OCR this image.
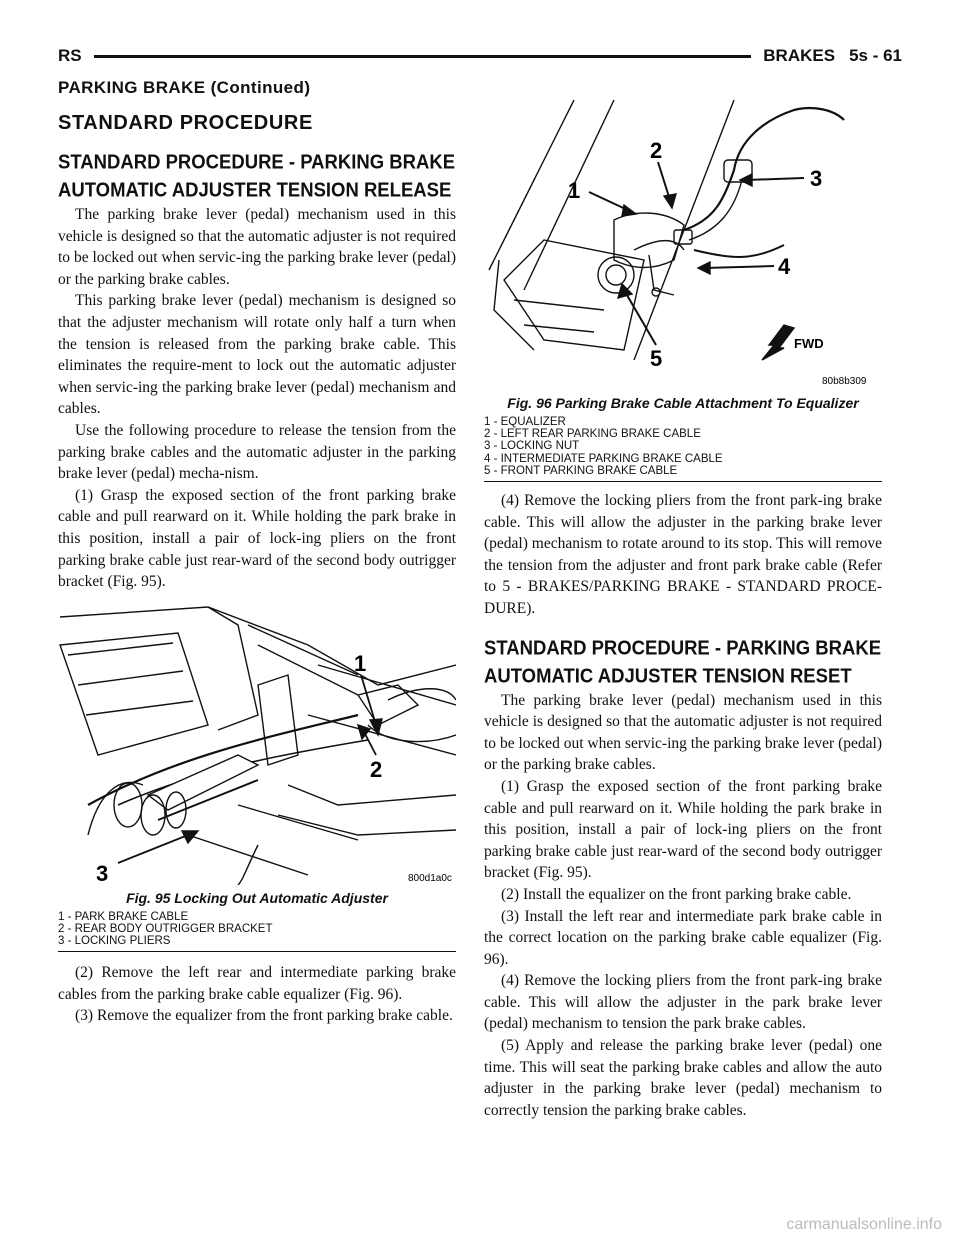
RS	BRAKES 5s - 61
PARKING BRAKE (Continued)
STANDARD PROCEDURE
STANDARD PROCEDURE - PARKING BRAKE AUTOMATIC ADJUSTER TENSION RELEASE

The parking brake lever (pedal) mechanism used in this vehicle is designed so that the automatic adjuster is not required to be locked out when servic-ing the parking brake lever (pedal) or the parking brake cables.

This parking brake lever (pedal) mechanism is designed so that the adjuster mechanism will rotate only half a turn when the tension is released from the parking brake cable. This eliminates the require-ment to lock out the automatic adjuster when servic-ing the parking brake lever (pedal) mechanism and cables.

Use the following procedure to release the tension from the parking brake cables and the automatic adjuster in the parking brake lever (pedal) mecha-nism.

(1) Grasp the exposed section of the front parking brake cable and pull rearward on it. While holding the park brake in this position, install a pair of lock-ing pliers on the front parking brake cable just rear-ward of the second body outrigger bracket (Fig. 95).

1
2
3	800d1a0c
Fig. 95 Locking Out Automatic Adjuster
1 - PARK BRAKE CABLE
2 - REAR BODY OUTRIGGER BRACKET
3 - LOCKING PLIERS

(2) Remove the left rear and intermediate parking brake cables from the parking brake cable equalizer (Fig. 96).

(3) Remove the equalizer from the front parking brake cable.

1
2
3
4
5
FWD
80b8b309
Fig. 96 Parking Brake Cable Attachment To Equalizer
1 - EQUALIZER
2 - LEFT REAR PARKING BRAKE CABLE
3 - LOCKING NUT
4 - INTERMEDIATE PARKING BRAKE CABLE
5 - FRONT PARKING BRAKE CABLE

(4) Remove the locking pliers from the front park-ing brake cable. This will allow the adjuster in the parking brake lever (pedal) mechanism to rotate around to its stop. This will remove the tension from the adjuster and front park brake cable (Refer to 5 - BRAKES/PARKING BRAKE - STANDARD PROCE-DURE).

STANDARD PROCEDURE - PARKING BRAKE AUTOMATIC ADJUSTER TENSION RESET

The parking brake lever (pedal) mechanism used in this vehicle is designed so that the automatic adjuster is not required to be locked out when servic-ing the parking brake lever (pedal) or the parking brake cables.

(1) Grasp the exposed section of the front parking brake cable and pull rearward on it. While holding the park brake in this position, install a pair of lock-ing pliers on the front parking brake cable just rear-ward of the second body outrigger bracket (Fig. 95).

(2) Install the equalizer on the front parking brake cable.

(3) Install the left rear and intermediate park brake cable in the correct location on the parking brake cable equalizer (Fig. 96).

(4) Remove the locking pliers from the front park-ing brake cable. This will allow the adjuster in the park brake lever (pedal) mechanism to tension the park brake cables.

(5) Apply and release the parking brake lever (pedal) one time. This will seat the parking brake cables and allow the auto adjuster in the parking brake lever (pedal) mechanism to correctly tension the parking brake cables.

carmanualsonline.info
